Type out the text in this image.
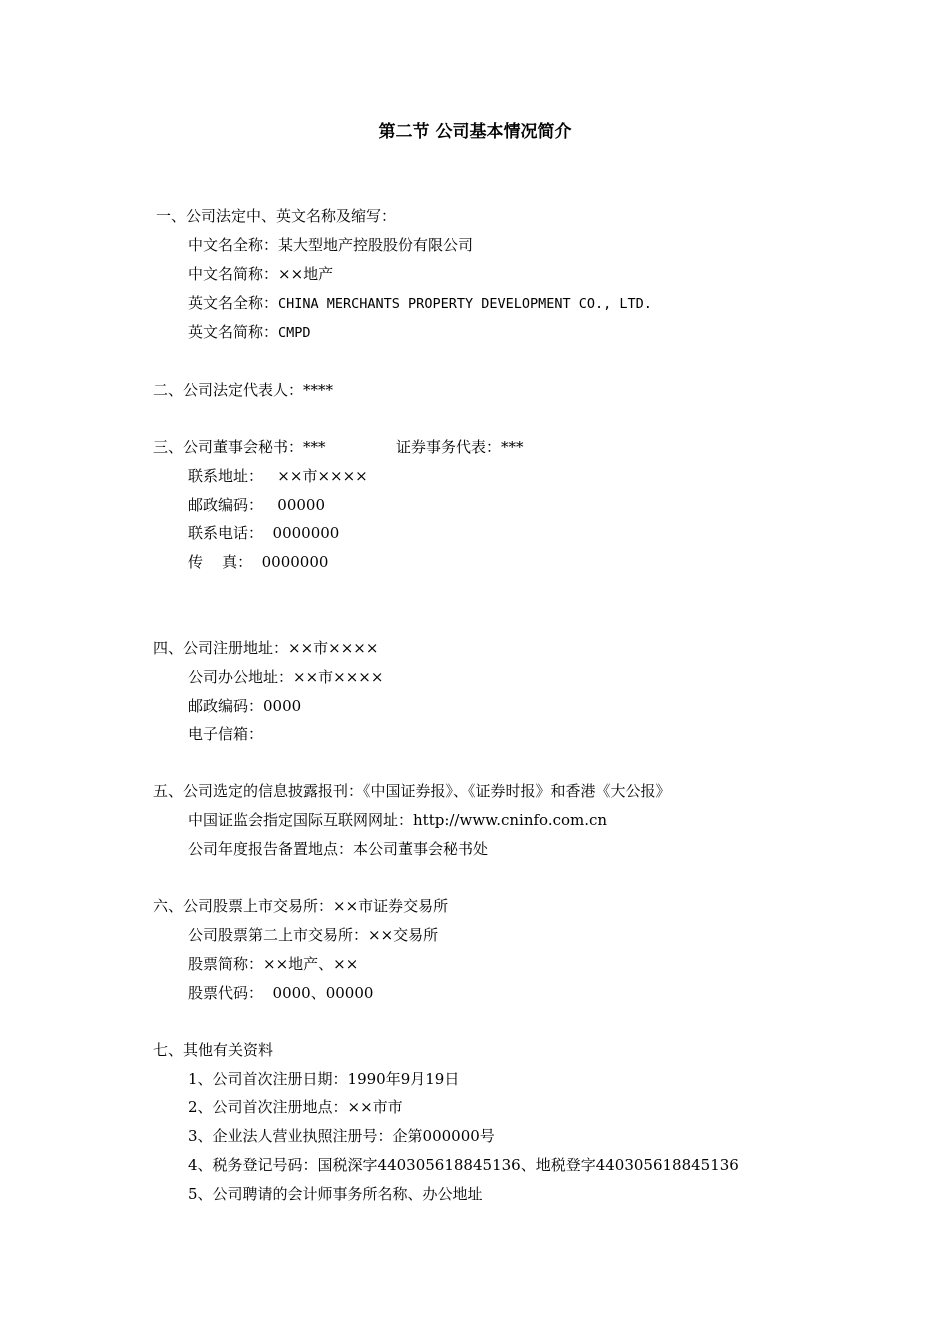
第二节 公司基本情况简介
一、公司法定中、英文名称及缩写：
中文名全称：某大型地产控股股份有限公司
中文名简称：××地产
英文名全称：CHINA MERCHANTS PROPERTY DEVELOPMENT CO., LTD.
英文名简称：CMPD
二、公司法定代表人：****
三、公司董事会秘书：***	证券事务代表：***
联系地址：   ××市××××
邮政编码：   00000
联系电话：  0000000
传    真：  0000000
四、公司注册地址：××市××××
公司办公地址：××市××××
邮政编码：0000
电子信箱：
五、公司选定的信息披露报刊：《中国证券报》、《证券时报》和香港《大公报》
中国证监会指定国际互联网网址：http://www.cninfo.com.cn
公司年度报告备置地点：本公司董事会秘书处
六、公司股票上市交易所：××市证券交易所
公司股票第二上市交易所：××交易所
股票简称：××地产、××
股票代码：  0000、00000
七、其他有关资料
1、公司首次注册日期：1990年9月19日
2、公司首次注册地点：××市市
3、企业法人营业执照注册号：企第000000号
4、税务登记号码：国税深字440305618845136、地税登字440305618845136
5、公司聘请的会计师事务所名称、办公地址
